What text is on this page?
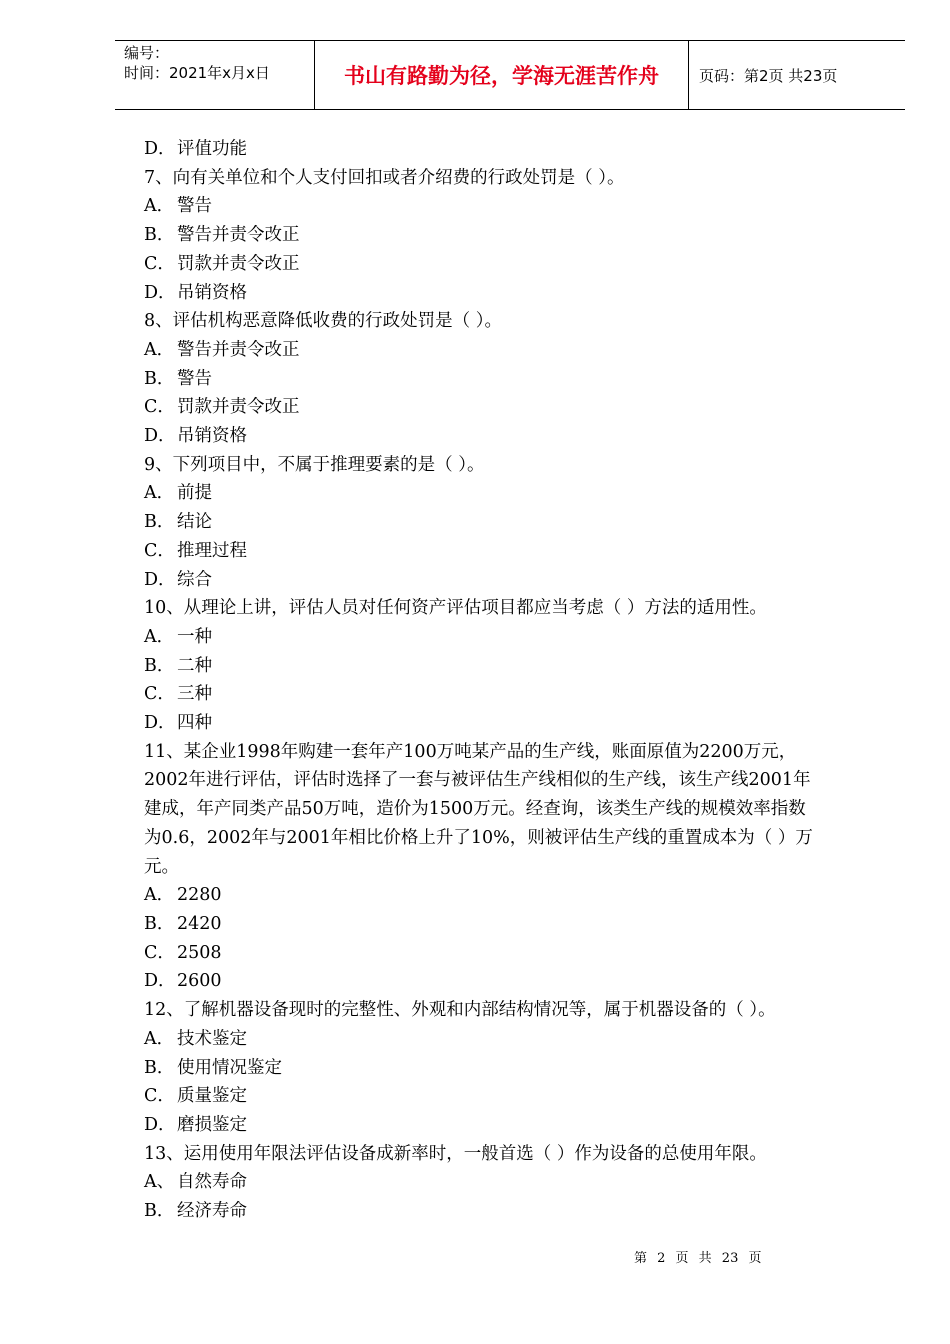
编号：
时间：2021年x月x日	书山有路勤为径，学海无涯苦作舟	页码：第2页 共23页

D．评值功能

7、向有关单位和个人支付回扣或者介绍费的行政处罚是（ ）。

A． 警告

B． 警告并责令改正

C． 罚款并责令改正

D．吊销资格

8、评估机构恶意降低收费的行政处罚是（ ）。

A． 警告并责令改正

B． 警告

C． 罚款并责令改正

D．吊销资格

9、下列项目中，不属于推理要素的是（ ）。

A． 前提

B． 结论

C． 推理过程

D．综合

10、从理论上讲，评估人员对任何资产评估项目都应当考虑（ ）方法的适用性。

A． 一种

B． 二种

C． 三种

D．四种

11、某企业1998年购建一套年产100万吨某产品的生产线，账面原值为2200万元，

2002年进行评估，评估时选择了一套与被评估生产线相似的生产线，该生产线2001年

建成，年产同类产品50万吨，造价为1500万元。经查询，该类生产线的规模效率指数

为0.6，2002年与2001年相比价格上升了10%，则被评估生产线的重置成本为（ ）万

元。

A． 2280

B． 2420

C． 2508

D．2600

12、了解机器设备现时的完整性、外观和内部结构情况等，属于机器设备的（ ）。

A． 技术鉴定

B． 使用情况鉴定

C． 质量鉴定

D．磨损鉴定

13、运用使用年限法评估设备成新率时，一般首选（ ）作为设备的总使用年限。

A、 自然寿命

B． 经济寿命

第 2 页 共 23 页
